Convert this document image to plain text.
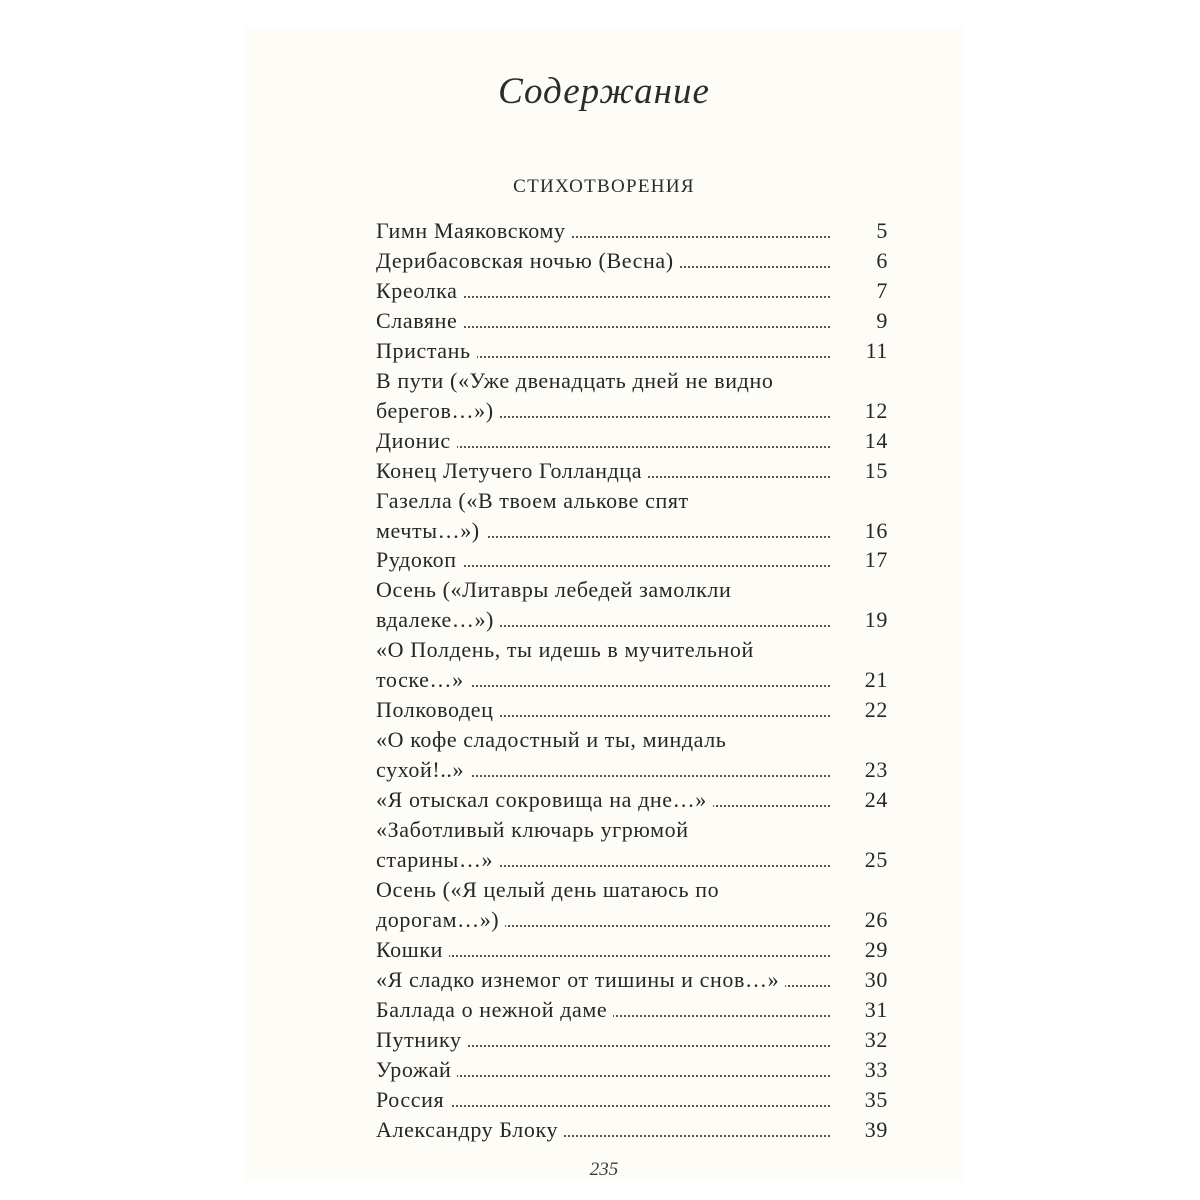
Содержание
СТИХОТВОРЕНИЯ
Гимн Маяковскому	5
Дерибасовская ночью (Весна)	6
Креолка	7
Славяне	9
Пристань	11
В пути («Уже двенадцать дней не видно
берегов…»)	12
Дионис	14
Конец Летучего Голландца	15
Газелла («В твоем алькове спят
мечты…»)	16
Рудокоп	17
Осень («Литавры лебедей замолкли
вдалеке…»)	19
«О Полдень, ты идешь в мучительной
тоске…»	21
Полководец	22
«О кофе сладостный и ты, миндаль
сухой!..»	23
«Я отыскал сокровища на дне…»	24
«Заботливый ключарь угрюмой
старины…»	25
Осень («Я целый день шатаюсь по
дорогам…»)	26
Кошки	29
«Я сладко изнемог от тишины и снов…»	30
Баллада о нежной даме	31
Путнику	32
Урожай	33
Россия	35
Александру Блоку	39
235
